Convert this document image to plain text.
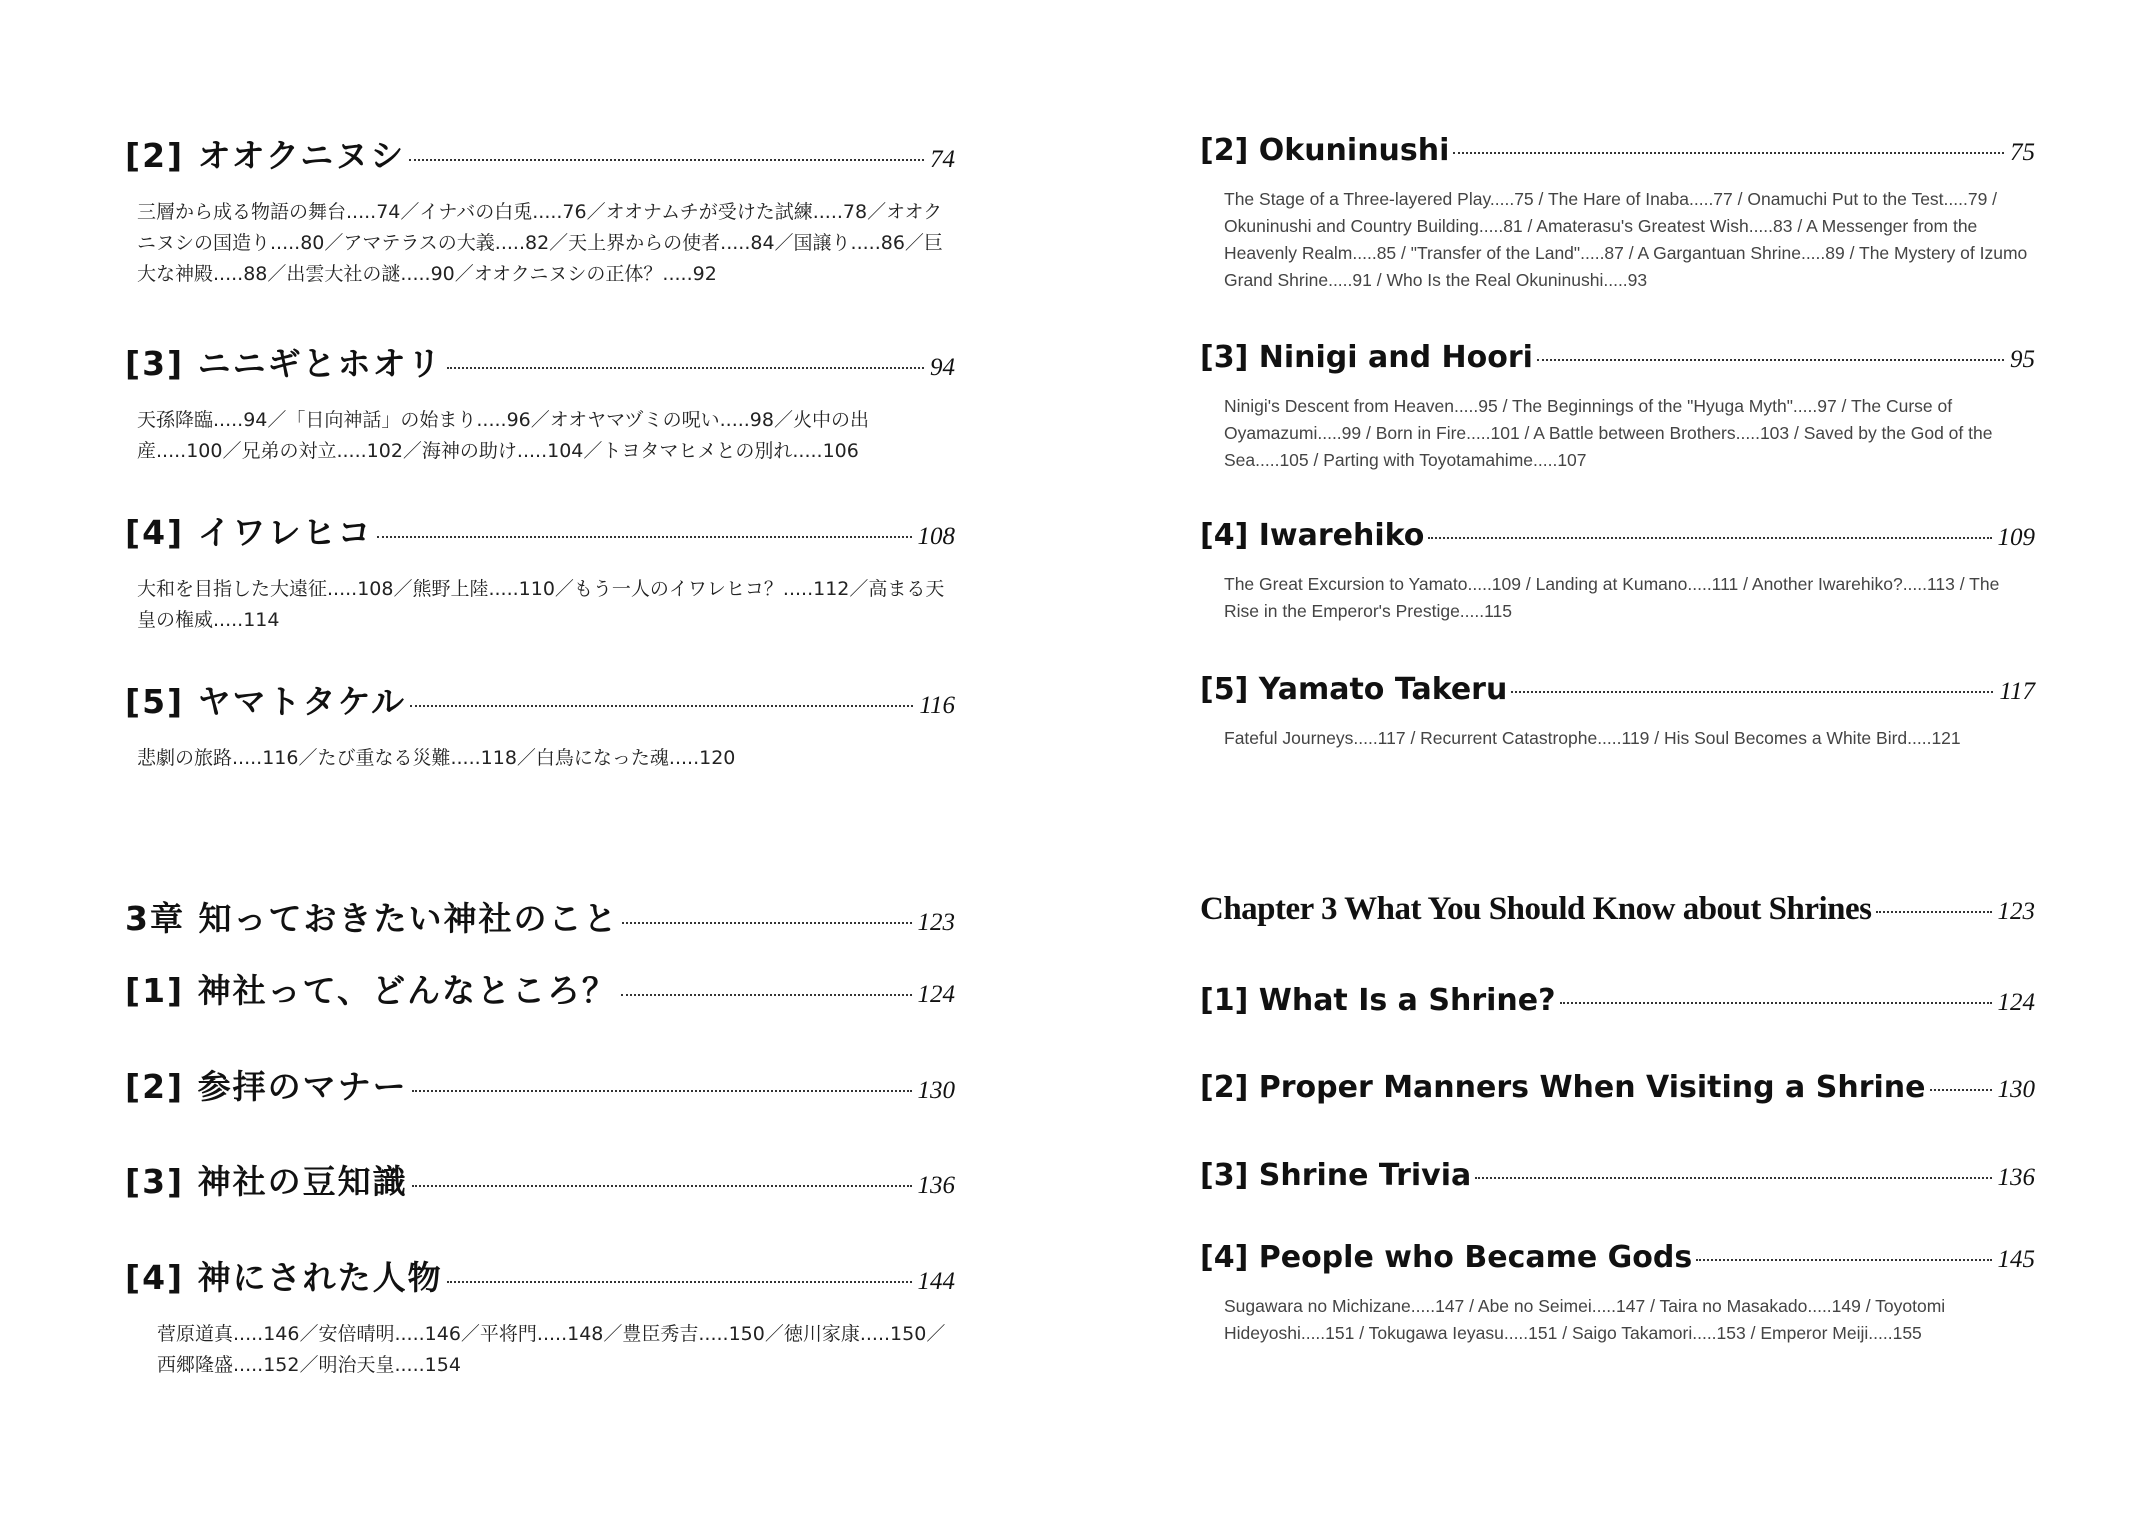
[2] オオクニヌシ	74
三層から成る物語の舞台.....74／イナバの白兎.....76／オオナムチが受けた試練.....78／オオクニヌシの国造り.....80／アマテラスの大義.....82／天上界からの使者.....84／国譲り.....86／巨大な神殿.....88／出雲大社の謎.....90／オオクニヌシの正体？.....92
[3] ニニギとホオリ	94
天孫降臨.....94／「日向神話」の始まり.....96／オオヤマヅミの呪い.....98／火中の出産.....100／兄弟の対立.....102／海神の助け.....104／トヨタマヒメとの別れ.....106
[4] イワレヒコ	108
大和を目指した大遠征.....108／熊野上陸.....110／もう一人のイワレヒコ？.....112／高まる天皇の権威.....114
[5] ヤマトタケル	116
悲劇の旅路.....116／たび重なる災難.....118／白鳥になった魂.....120
3章 知っておきたい神社のこと	123
[1] 神社って、どんなところ？	124
[2] 参拝のマナー	130
[3] 神社の豆知識	136
[4] 神にされた人物	144
菅原道真.....146／安倍晴明.....146／平将門.....148／豊臣秀吉.....150／徳川家康.....150／西郷隆盛.....152／明治天皇.....154
[2] Okuninushi	75
The Stage of a Three-layered Play.....75 / The Hare of Inaba.....77 / Onamuchi Put to the Test.....79 / Okuninushi and Country Building.....81 / Amaterasu's Greatest Wish.....83 / A Messenger from the Heavenly Realm.....85 / "Transfer of the Land".....87 / A Gargantuan Shrine.....89 / The Mystery of Izumo Grand Shrine.....91 / Who Is the Real Okuninushi.....93
[3] Ninigi and Hoori	95
Ninigi's Descent from Heaven.....95 / The Beginnings of the "Hyuga Myth".....97 / The Curse of Oyamazumi.....99 / Born in Fire.....101 / A Battle between Brothers.....103 / Saved by the God of the Sea.....105 / Parting with Toyotamahime.....107
[4] Iwarehiko	109
The Great Excursion to Yamato.....109 / Landing at Kumano.....111 / Another Iwarehiko?.....113 / The Rise in the Emperor's Prestige.....115
[5] Yamato Takeru	117
Fateful Journeys.....117 / Recurrent Catastrophe.....119 / His Soul Becomes a White Bird.....121
Chapter 3 What You Should Know about Shrines	123
[1] What Is a Shrine?	124
[2] Proper Manners When Visiting a Shrine	130
[3] Shrine Trivia	136
[4] People who Became Gods	145
Sugawara no Michizane.....147 / Abe no Seimei.....147 / Taira no Masakado.....149 / Toyotomi Hideyoshi.....151 / Tokugawa Ieyasu.....151 / Saigo Takamori.....153 / Emperor Meiji.....155
